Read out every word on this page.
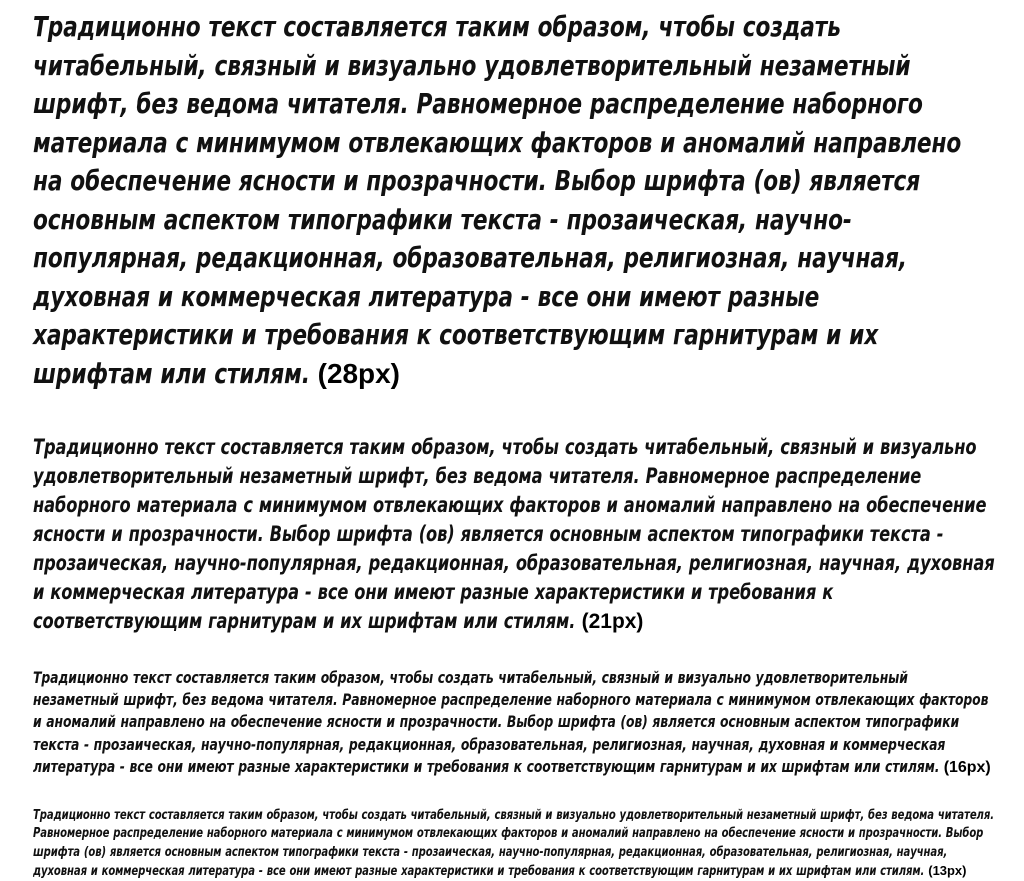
Традиционно текст составляется таким образом, чтобы создать читабельный, связный и визуально удовлетворительный незаметный шрифт, без ведома читателя. Равномерное распределение наборного материала с минимумом отвлекающих факторов и аномалий направлено на обеспечение ясности и прозрачности. Выбор шрифта (ов) является основным аспектом типографики текста - прозаическая, научно-популярная, редакционная, образовательная, религиозная, научная, духовная и коммерческая литература - все они имеют разные характеристики и требования к соответствующим гарнитурам и их шрифтам или стилям. (28px)

Традиционно текст составляется таким образом, чтобы создать читабельный, связный и визуально удовлетворительный незаметный шрифт, без ведома читателя. Равномерное распределение наборного материала с минимумом отвлекающих факторов и аномалий направлено на обеспечение ясности и прозрачности. Выбор шрифта (ов) является основным аспектом типографики текста - прозаическая, научно-популярная, редакционная, образовательная, религиозная, научная, духовная и коммерческая литература - все они имеют разные характеристики и требования к соответствующим гарнитурам и их шрифтам или стилям. (21px)

Традиционно текст составляется таким образом, чтобы создать читабельный, связный и визуально удовлетворительный незаметный шрифт, без ведома читателя. Равномерное распределение наборного материала с минимумом отвлекающих факторов и аномалий направлено на обеспечение ясности и прозрачности. Выбор шрифта (ов) является основным аспектом типографики текста - прозаическая, научно-популярная, редакционная, образовательная, религиозная, научная, духовная и коммерческая литература - все они имеют разные характеристики и требования к соответствующим гарнитурам и их шрифтам или стилям. (16px)

Традиционно текст составляется таким образом, чтобы создать читабельный, связный и визуально удовлетворительный незаметный шрифт, без ведома читателя. Равномерное распределение наборного материала с минимумом отвлекающих факторов и аномалий направлено на обеспечение ясности и прозрачности. Выбор шрифта (ов) является основным аспектом типографики текста - прозаическая, научно-популярная, редакционная, образовательная, религиозная, научная, духовная и коммерческая литература - все они имеют разные характеристики и требования к соответствующим гарнитурам и их шрифтам или стилям. (13px)
